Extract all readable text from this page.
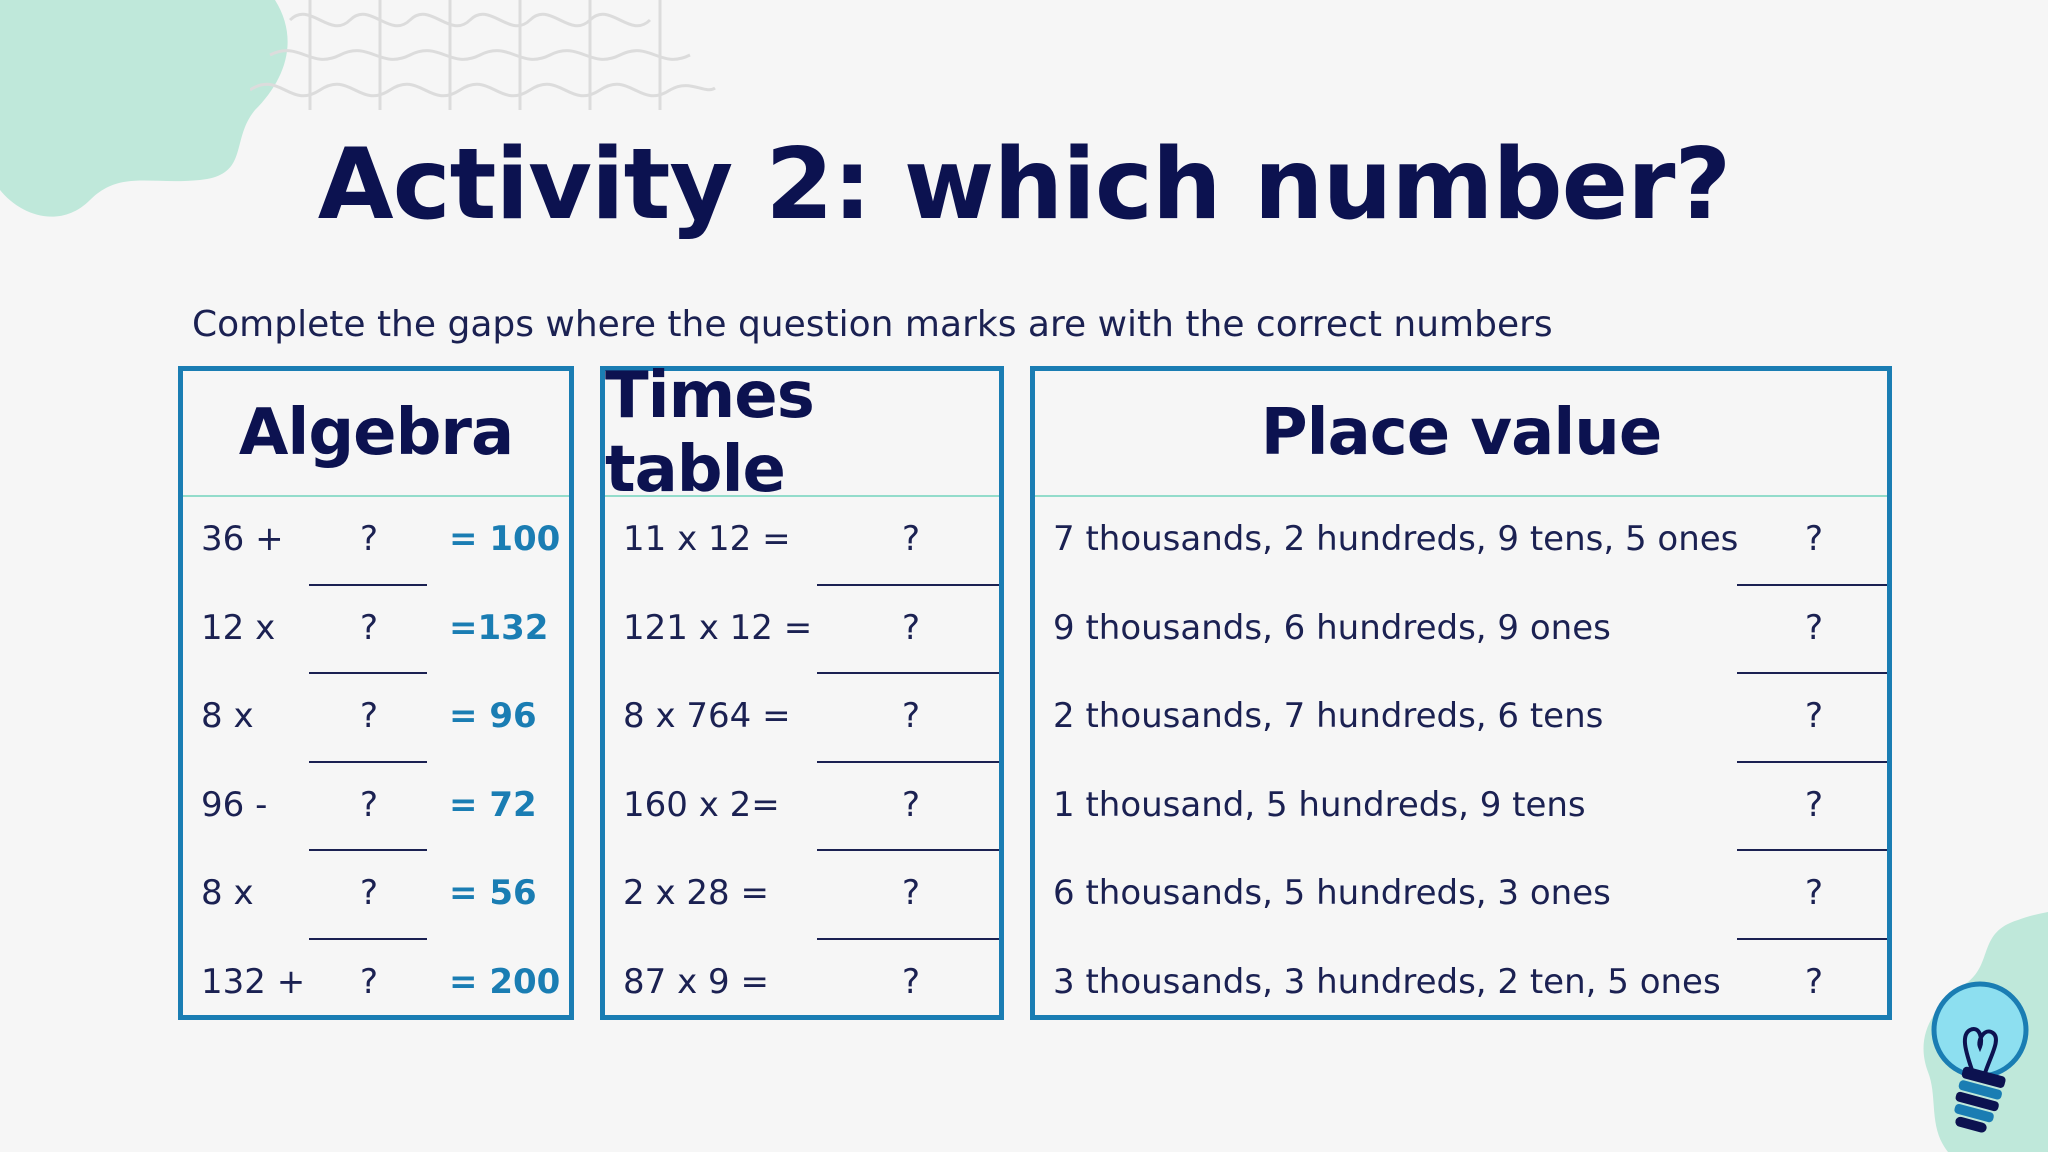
Activity 2: which number?
Complete the gaps where the question marks are with the correct numbers
Algebra
36 + ? = 100
12 x ? =132
8 x	? = 96
96 -	? = 72
8 x	? = 56
132 + ? = 200
Times table
11 x 12 =	?
121 x 12 =	?
8 x 764 =	?
160 x 2=	?
2 x 28 =	?
87 x 9 =	?
Place value
7 thousands, 2 hundreds, 9 tens, 5 ones ?
9 thousands, 6 hundreds, 9 ones	?
2 thousands, 7 hundreds, 6 tens	?
1 thousand, 5 hundreds, 9 tens	?
6 thousands, 5 hundreds, 3 ones	?
3 thousands, 3 hundreds, 2 ten, 5 ones ?
